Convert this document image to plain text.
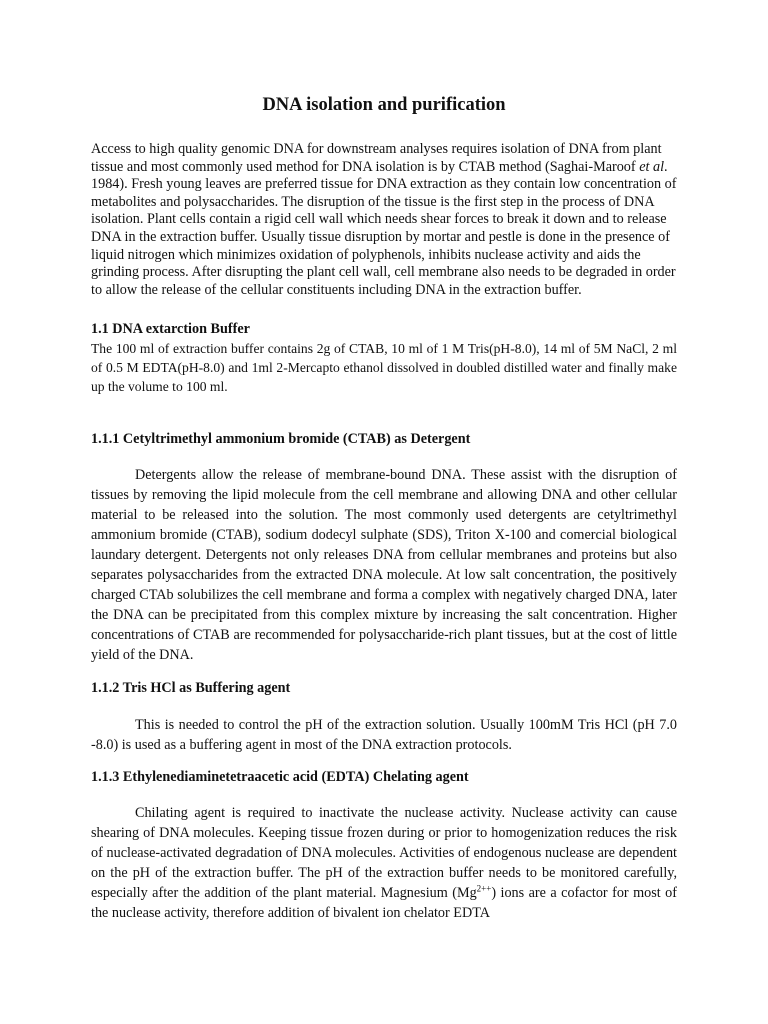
DNA isolation and purification

Access to high quality genomic DNA for downstream analyses requires isolation of DNA from plant tissue and most commonly used method for DNA isolation is by CTAB method (Saghai-Maroof et al. 1984). Fresh young leaves are preferred tissue for DNA extraction as they contain low concentration of metabolites and polysaccharides. The disruption of the tissue is the first step in the process of DNA isolation. Plant cells contain a rigid cell wall which needs shear forces to break it down and to release DNA in the extraction buffer. Usually tissue disruption by mortar and pestle is done in the presence of liquid nitrogen which minimizes oxidation of polyphenols, inhibits nuclease activity and aids the grinding process. After disrupting the plant cell wall, cell membrane also needs to be degraded in order to allow the release of the cellular constituents including DNA in the extraction buffer.

1.1 DNA extarction Buffer

The 100 ml of extraction buffer contains 2g of CTAB, 10 ml of 1 M Tris(pH-8.0), 14 ml of 5M NaCl, 2 ml of 0.5 M EDTA(pH-8.0) and 1ml 2-Mercapto ethanol dissolved in doubled distilled water and finally make up the volume to 100 ml.

1.1.1 Cetyltrimethyl ammonium bromide (CTAB) as Detergent

Detergents allow the release of membrane-bound DNA. These assist with the disruption of tissues by removing the lipid molecule from the cell membrane and allowing DNA and other cellular material to be released into the solution. The most commonly used detergents are cetyltrimethyl ammonium bromide (CTAB), sodium dodecyl sulphate (SDS), Triton X-100 and comercial biological laundary detergent. Detergents not only releases DNA from cellular membranes and proteins but also separates polysaccharides from the extracted DNA molecule. At low salt concentration, the positively charged CTAb solubilizes the cell membrane and forma a complex with negatively charged DNA, later the DNA can be precipitated from this complex mixture by increasing the salt concentration. Higher concentrations of CTAB are recommended for polysaccharide-rich plant tissues, but at the cost of little yield of the DNA.

1.1.2 Tris HCl as Buffering agent

This is needed to control the pH of the extraction solution. Usually 100mM Tris HCl (pH 7.0 -8.0) is used as a buffering agent in most of the DNA extraction protocols.

1.1.3 Ethylenediaminetetraacetic acid (EDTA) Chelating agent

Chilating agent is required to inactivate the nuclease activity. Nuclease activity can cause shearing of DNA molecules. Keeping tissue frozen during or prior to homogenization reduces the risk of nuclease-activated degradation of DNA molecules. Activities of endogenous nuclease are dependent on the pH of the extraction buffer. The pH of the extraction buffer needs to be monitored carefully, especially after the addition of the plant material. Magnesium $(Mg^{2++})$ ions are a cofactor for most of the nuclease activity, therefore addition of bivalent ion chelator EDTA
